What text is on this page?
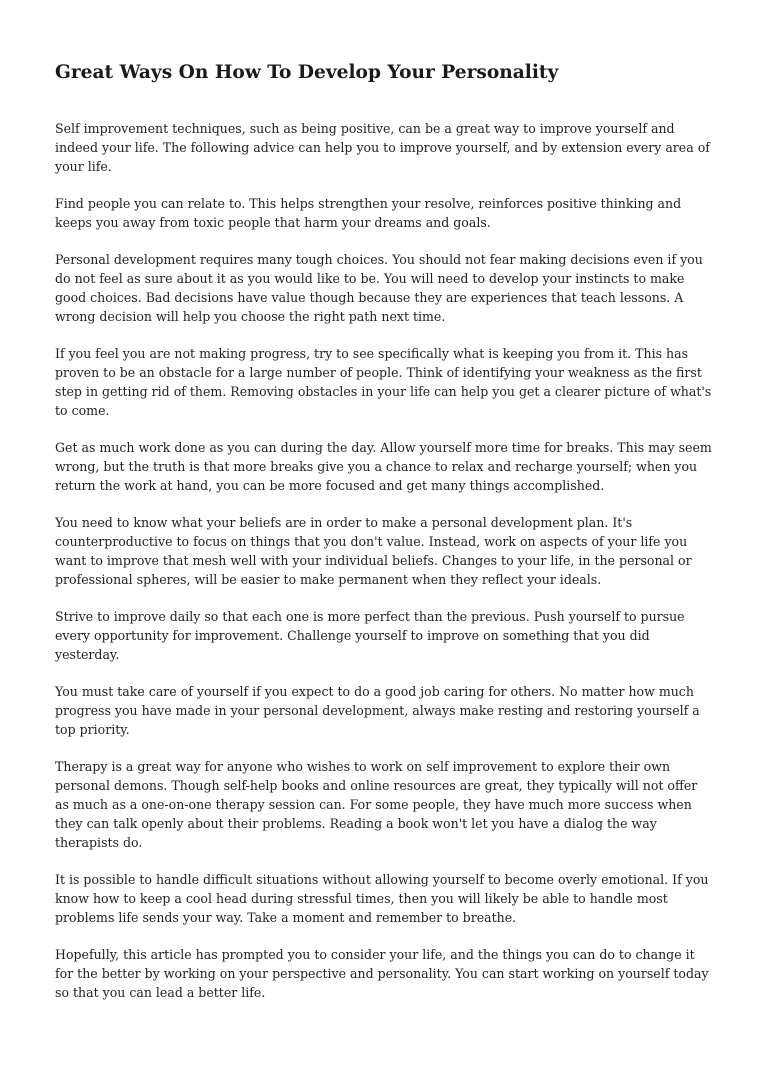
Great Ways On How To Develop Your Personality

Self improvement techniques, such as being positive, can be a great way to improve yourself and indeed your life. The following advice can help you to improve yourself, and by extension every area of your life.

Find people you can relate to. This helps strengthen your resolve, reinforces positive thinking and keeps you away from toxic people that harm your dreams and goals.

Personal development requires many tough choices. You should not fear making decisions even if you do not feel as sure about it as you would like to be. You will need to develop your instincts to make good choices. Bad decisions have value though because they are experiences that teach lessons. A wrong decision will help you choose the right path next time.

If you feel you are not making progress, try to see specifically what is keeping you from it. This has proven to be an obstacle for a large number of people. Think of identifying your weakness as the first step in getting rid of them. Removing obstacles in your life can help you get a clearer picture of what's to come.

Get as much work done as you can during the day. Allow yourself more time for breaks. This may seem wrong, but the truth is that more breaks give you a chance to relax and recharge yourself; when you return the work at hand, you can be more focused and get many things accomplished.

You need to know what your beliefs are in order to make a personal development plan. It's counterproductive to focus on things that you don't value. Instead, work on aspects of your life you want to improve that mesh well with your individual beliefs. Changes to your life, in the personal or professional spheres, will be easier to make permanent when they reflect your ideals.

Strive to improve daily so that each one is more perfect than the previous. Push yourself to pursue every opportunity for improvement. Challenge yourself to improve on something that you did yesterday.

You must take care of yourself if you expect to do a good job caring for others. No matter how much progress you have made in your personal development, always make resting and restoring yourself a top priority.

Therapy is a great way for anyone who wishes to work on self improvement to explore their own personal demons. Though self-help books and online resources are great, they typically will not offer as much as a one-on-one therapy session can. For some people, they have much more success when they can talk openly about their problems. Reading a book won't let you have a dialog the way therapists do.

It is possible to handle difficult situations without allowing yourself to become overly emotional. If you know how to keep a cool head during stressful times, then you will likely be able to handle most problems life sends your way. Take a moment and remember to breathe.

Hopefully, this article has prompted you to consider your life, and the things you can do to change it for the better by working on your perspective and personality. You can start working on yourself today so that you can lead a better life.
